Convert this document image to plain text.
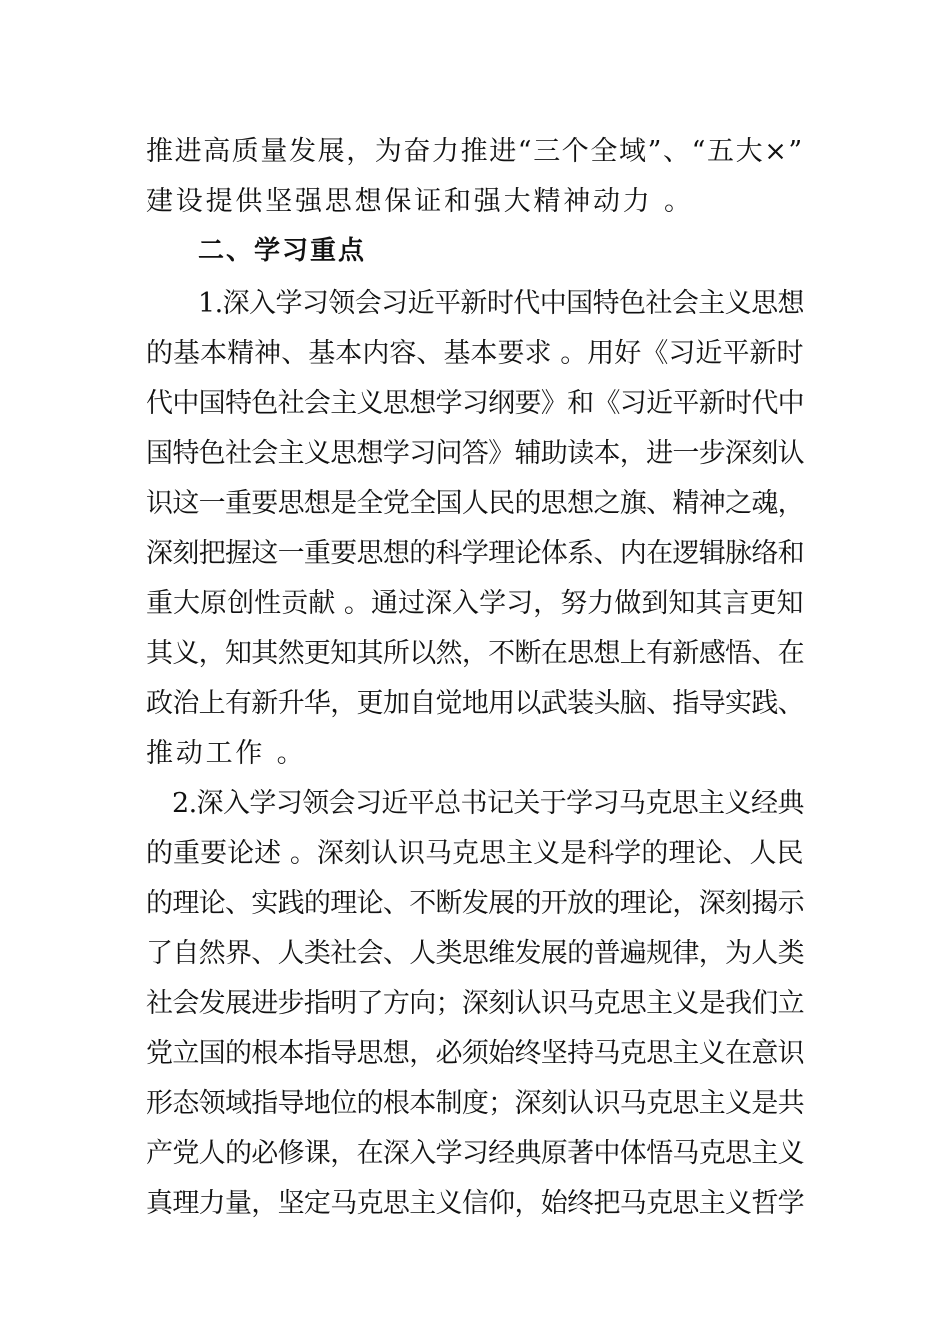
推进高质量发展，为奋力推进“三个全域”、“五大×”
建设提供坚强思想保证和强大精神动力 。
二、学习重点
1.深入学习领会习近平新时代中国特色社会主义思想
的基本精神、基本内容、基本要求 。用好《习近平新时
代中国特色社会主义思想学习纲要》和《习近平新时代中
国特色社会主义思想学习问答》辅助读本，进一步深刻认
识这一重要思想是全党全国人民的思想之旗、精神之魂，
深刻把握这一重要思想的科学理论体系、内在逻辑脉络和
重大原创性贡献 。通过深入学习，努力做到知其言更知
其义，知其然更知其所以然，不断在思想上有新感悟、在
政治上有新升华，更加自觉地用以武装头脑、指导实践、
推动工作 。
2.深入学习领会习近平总书记关于学习马克思主义经典
的重要论述 。深刻认识马克思主义是科学的理论、人民
的理论、实践的理论、不断发展的开放的理论，深刻揭示
了自然界、人类社会、人类思维发展的普遍规律，为人类
社会发展进步指明了方向；深刻认识马克思主义是我们立
党立国的根本指导思想，必须始终坚持马克思主义在意识
形态领域指导地位的根本制度；深刻认识马克思主义是共
产党人的必修课，在深入学习经典原著中体悟马克思主义
真理力量，坚定马克思主义信仰，始终把马克思主义哲学
